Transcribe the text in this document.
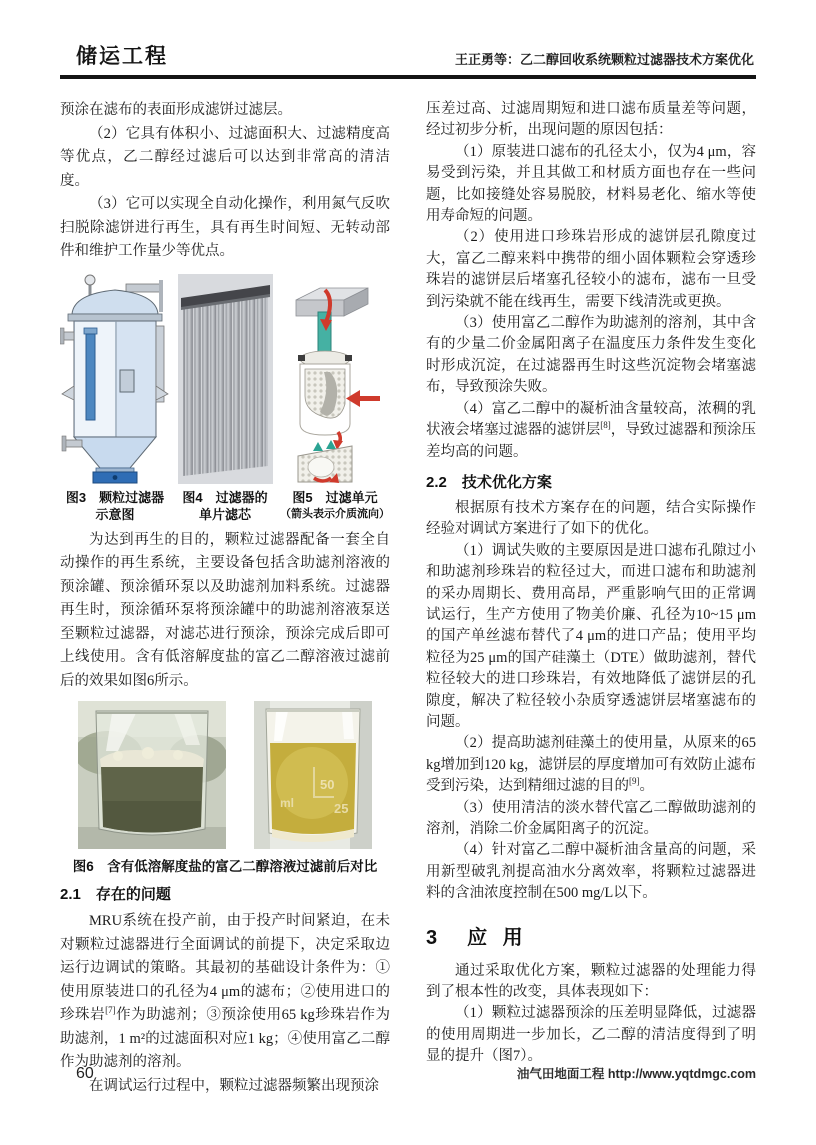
储运工程	王正勇等：乙二醇回收系统颗粒过滤器技术方案优化

预涂在滤布的表面形成滤饼过滤层。

（2）它具有体积小、过滤面积大、过滤精度高等优点，乙二醇经过滤后可以达到非常高的清洁度。

（3）它可以实现全自动化操作，利用氮气反吹扫脱除滤饼进行再生，具有再生时间短、无转动部件和维护工作量少等优点。

图3　颗粒过滤器
示意图
图4　过滤器的
单片滤芯
图5　过滤单元
（箭头表示介质流向）

为达到再生的目的，颗粒过滤器配备一套全自动操作的再生系统，主要设备包括含助滤剂溶液的预涂罐、预涂循环泵以及助滤剂加料系统。过滤器再生时，预涂循环泵将预涂罐中的助滤剂溶液泵送至颗粒过滤器，对滤芯进行预涂，预涂完成后即可上线使用。含有低溶解度盐的富乙二醇溶液过滤前后的效果如图6所示。

50
25
ml
图6　含有低溶解度盐的富乙二醇溶液过滤前后对比
2.1　存在的问题

MRU系统在投产前，由于投产时间紧迫，在未对颗粒过滤器进行全面调试的前提下，决定采取边运行边调试的策略。其最初的基础设计条件为：①使用原装进口的孔径为4 μm的滤布；②使用进口的珍珠岩[7]作为助滤剂；③预涂使用65 kg珍珠岩作为助滤剂，1 m²的过滤面积对应1 kg；④使用富乙二醇作为助滤剂的溶剂。

在调试运行过程中，颗粒过滤器频繁出现预涂

压差过高、过滤周期短和进口滤布质量差等问题，经过初步分析，出现问题的原因包括：

（1）原装进口滤布的孔径太小，仅为4 μm，容易受到污染，并且其做工和材质方面也存在一些问题，比如接缝处容易脱胶，材料易老化、缩水等使用寿命短的问题。

（2）使用进口珍珠岩形成的滤饼层孔隙度过大，富乙二醇来料中携带的细小固体颗粒会穿透珍珠岩的滤饼层后堵塞孔径较小的滤布，滤布一旦受到污染就不能在线再生，需要下线清洗或更换。

（3）使用富乙二醇作为助滤剂的溶剂，其中含有的少量二价金属阳离子在温度压力条件发生变化时形成沉淀，在过滤器再生时这些沉淀物会堵塞滤布，导致预涂失败。

（4）富乙二醇中的凝析油含量较高，浓稠的乳状液会堵塞过滤器的滤饼层[8]，导致过滤器和预涂压差均高的问题。

2.2　技术优化方案

根据原有技术方案存在的问题，结合实际操作经验对调试方案进行了如下的优化。

（1）调试失败的主要原因是进口滤布孔隙过小和助滤剂珍珠岩的粒径过大，而进口滤布和助滤剂的采办周期长、费用高昂，严重影响气田的正常调试运行，生产方使用了物美价廉、孔径为10~15 μm的国产单丝滤布替代了4 μm的进口产品；使用平均粒径为25 μm的国产硅藻土（DTE）做助滤剂，替代粒径较大的进口珍珠岩，有效地降低了滤饼层的孔隙度，解决了粒径较小杂质穿透滤饼层堵塞滤布的问题。

（2）提高助滤剂硅藻土的使用量，从原来的65 kg增加到120 kg，滤饼层的厚度增加可有效防止滤布受到污染，达到精细过滤的目的[9]。

（3）使用清洁的淡水替代富乙二醇做助滤剂的溶剂，消除二价金属阳离子的沉淀。

（4）针对富乙二醇中凝析油含量高的问题，采用新型破乳剂提高油水分离效率，将颗粒过滤器进料的含油浓度控制在500 mg/L以下。

3　应 用

通过采取优化方案，颗粒过滤器的处理能力得到了根本性的改变，具体表现如下：

（1）颗粒过滤器预涂的压差明显降低，过滤器的使用周期进一步加长，乙二醇的清洁度得到了明显的提升（图7）。

60	油气田地面工程 http://www.yqtdmgc.com
